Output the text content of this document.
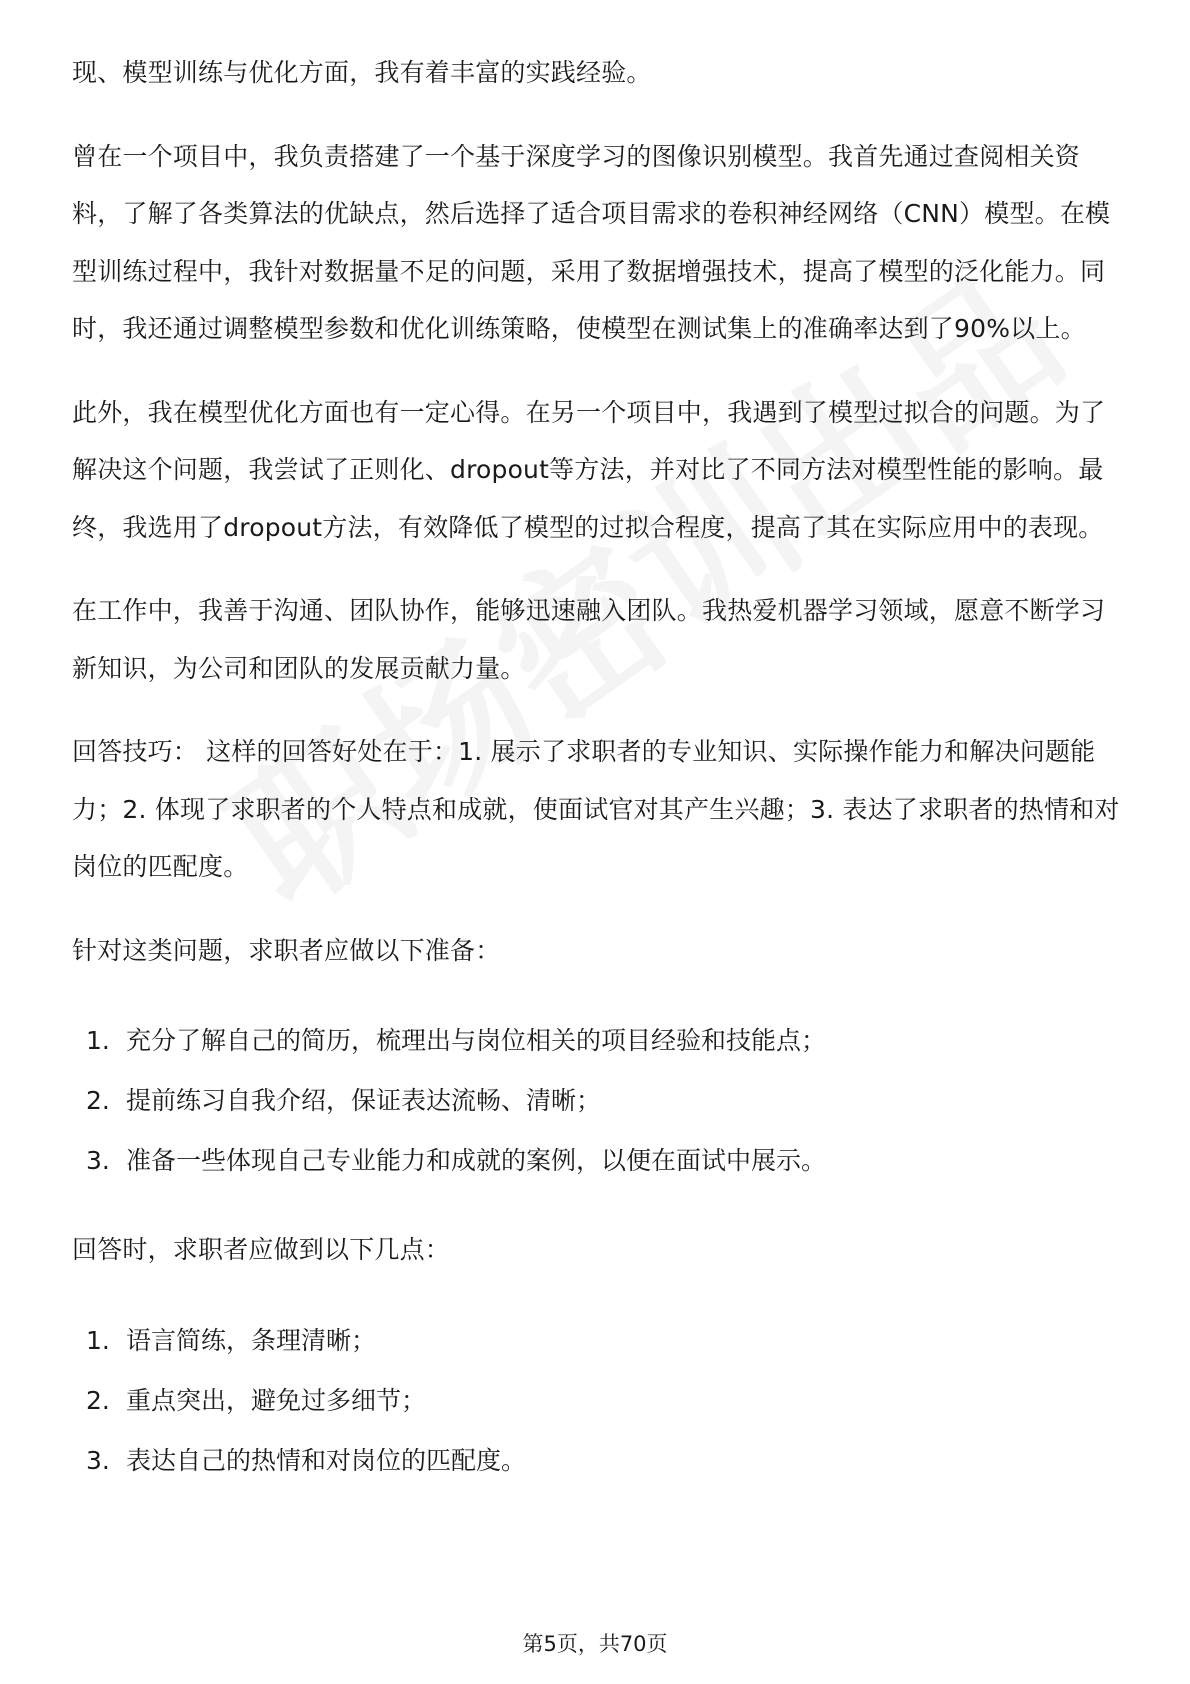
现、模型训练与优化方面，我有着丰富的实践经验。

曾在一个项目中，我负责搭建了一个基于深度学习的图像识别模型。我首先通过查阅相关资料，了解了各类算法的优缺点，然后选择了适合项目需求的卷积神经网络（CNN）模型。在模型训练过程中，我针对数据量不足的问题，采用了数据增强技术，提高了模型的泛化能力。同时，我还通过调整模型参数和优化训练策略，使模型在测试集上的准确率达到了90%以上。

此外，我在模型优化方面也有一定心得。在另一个项目中，我遇到了模型过拟合的问题。为了解决这个问题，我尝试了正则化、dropout等方法，并对比了不同方法对模型性能的影响。最终，我选用了dropout方法，有效降低了模型的过拟合程度，提高了其在实际应用中的表现。

在工作中，我善于沟通、团队协作，能够迅速融入团队。我热爱机器学习领域，愿意不断学习新知识，为公司和团队的发展贡献力量。

回答技巧： 这样的回答好处在于：1. 展示了求职者的专业知识、实际操作能力和解决问题能力；2. 体现了求职者的个人特点和成就，使面试官对其产生兴趣；3. 表达了求职者的热情和对岗位的匹配度。

针对这类问题，求职者应做以下准备：

1. 充分了解自己的简历，梳理出与岗位相关的项目经验和技能点；
2. 提前练习自我介绍，保证表达流畅、清晰；
3. 准备一些体现自己专业能力和成就的案例，以便在面试中展示。

回答时，求职者应做到以下几点：

1. 语言简练，条理清晰；
2. 重点突出，避免过多细节；
3. 表达自己的热情和对岗位的匹配度。
第5页，共70页
